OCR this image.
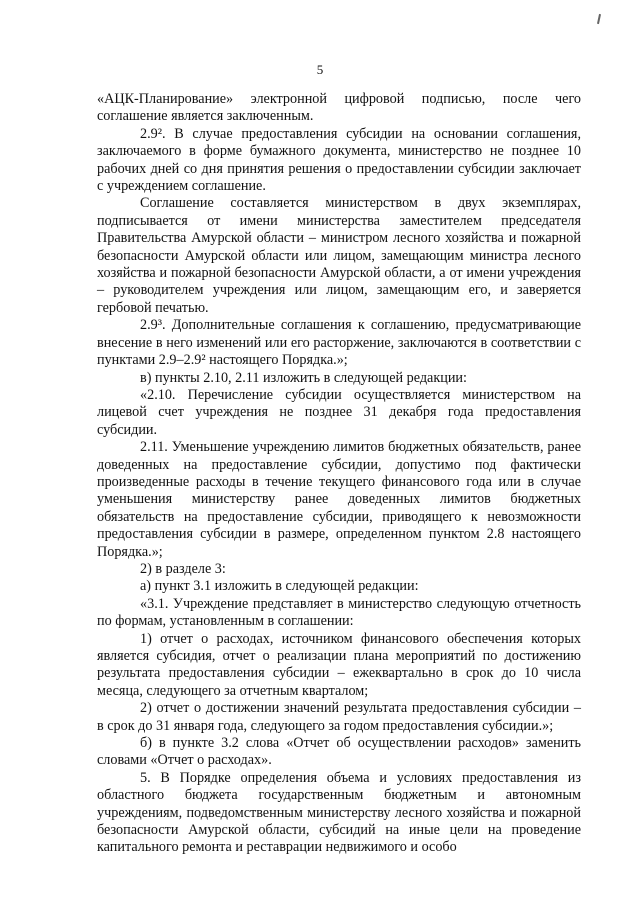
5

«АЦК-Планирование» электронной цифровой подписью, после чего соглашение является заключенным.

2.9². В случае предоставления субсидии на основании соглашения, заключаемого в форме бумажного документа, министерство не позднее 10 рабочих дней со дня принятия решения о предоставлении субсидии заключает с учреждением соглашение.

Соглашение составляется министерством в двух экземплярах, подписывается от имени министерства заместителем председателя Правительства Амурской области – министром лесного хозяйства и пожарной безопасности Амурской области или лицом, замещающим министра лесного хозяйства и пожарной безопасности Амурской области, а от имени учреждения – руководителем учреждения или лицом, замещающим его, и заверяется гербовой печатью.

2.9³. Дополнительные соглашения к соглашению, предусматривающие внесение в него изменений или его расторжение, заключаются в соответствии с пунктами 2.9–2.9² настоящего Порядка.»;

в) пункты 2.10, 2.11 изложить в следующей редакции:

«2.10. Перечисление субсидии осуществляется министерством на лицевой счет учреждения не позднее 31 декабря года предоставления субсидии.

2.11. Уменьшение учреждению лимитов бюджетных обязательств, ранее доведенных на предоставление субсидии, допустимо под фактически произведенные расходы в течение текущего финансового года или в случае уменьшения министерству ранее доведенных лимитов бюджетных обязательств на предоставление субсидии, приводящего к невозможности предоставления субсидии в размере, определенном пунктом 2.8 настоящего Порядка.»;

2) в разделе 3:

а) пункт 3.1 изложить в следующей редакции:

«3.1. Учреждение представляет в министерство следующую отчетность по формам, установленным в соглашении:

1) отчет о расходах, источником финансового обеспечения которых является субсидия, отчет о реализации плана мероприятий по достижению результата предоставления субсидии – ежеквартально в срок до 10 числа месяца, следующего за отчетным кварталом;

2) отчет о достижении значений результата предоставления субсидии – в срок до 31 января года, следующего за годом предоставления субсидии.»;

б) в пункте 3.2 слова «Отчет об осуществлении расходов» заменить словами «Отчет о расходах».

5. В Порядке определения объема и условиях предоставления из областного бюджета государственным бюджетным и автономным учреждениям, подведомственным министерству лесного хозяйства и пожарной безопасности Амурской области, субсидий на иные цели на проведение капитального ремонта и реставрации недвижимого и особо
